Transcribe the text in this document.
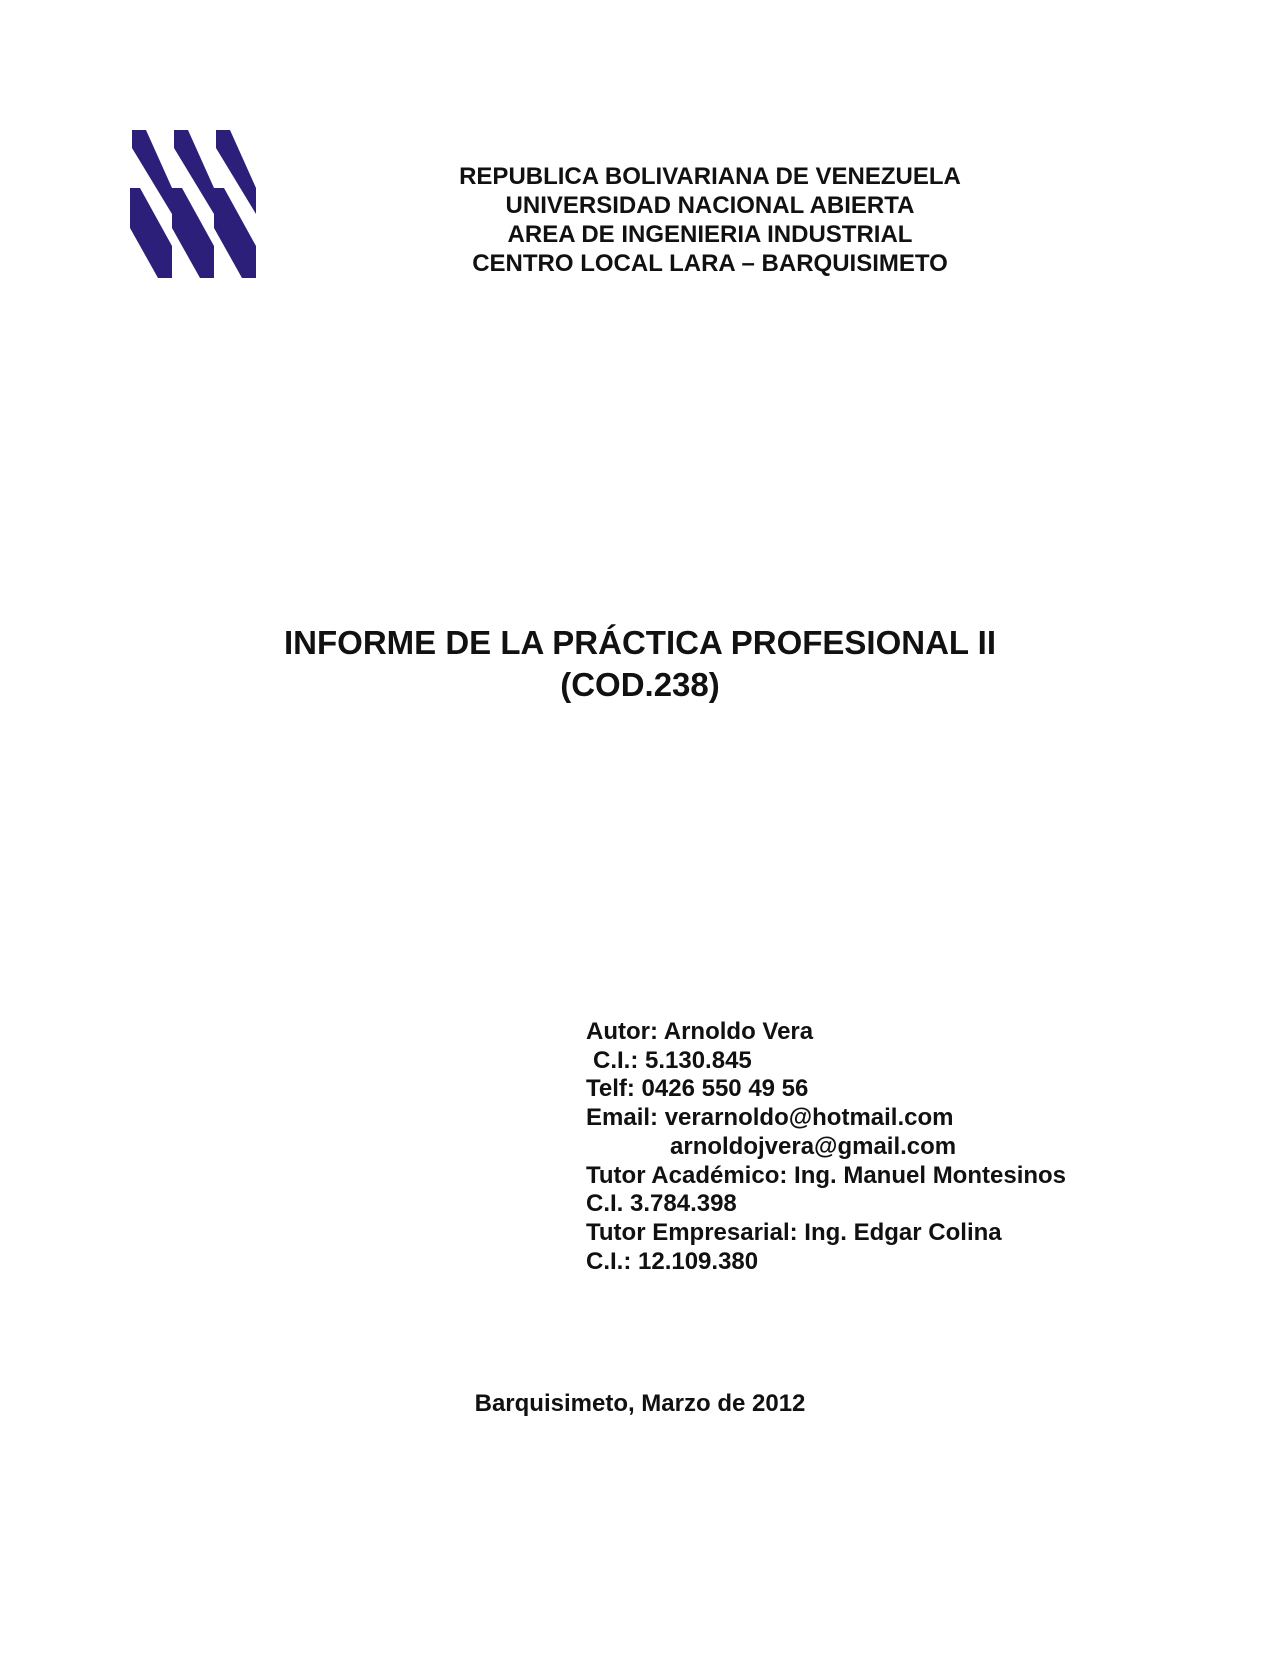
REPUBLICA BOLIVARIANA DE VENEZUELA
UNIVERSIDAD NACIONAL ABIERTA
AREA DE INGENIERIA INDUSTRIAL
CENTRO LOCAL LARA – BARQUISIMETO
INFORME DE LA PRÁCTICA PROFESIONAL II
(COD.238)
Autor: Arnoldo Vera
C.I.: 5.130.845
Telf: 0426 550 49 56
Email: verarnoldo@hotmail.com
arnoldojvera@gmail.com
Tutor Académico: Ing. Manuel Montesinos
C.I. 3.784.398
Tutor Empresarial: Ing. Edgar Colina
C.I.: 12.109.380
Barquisimeto, Marzo de 2012
